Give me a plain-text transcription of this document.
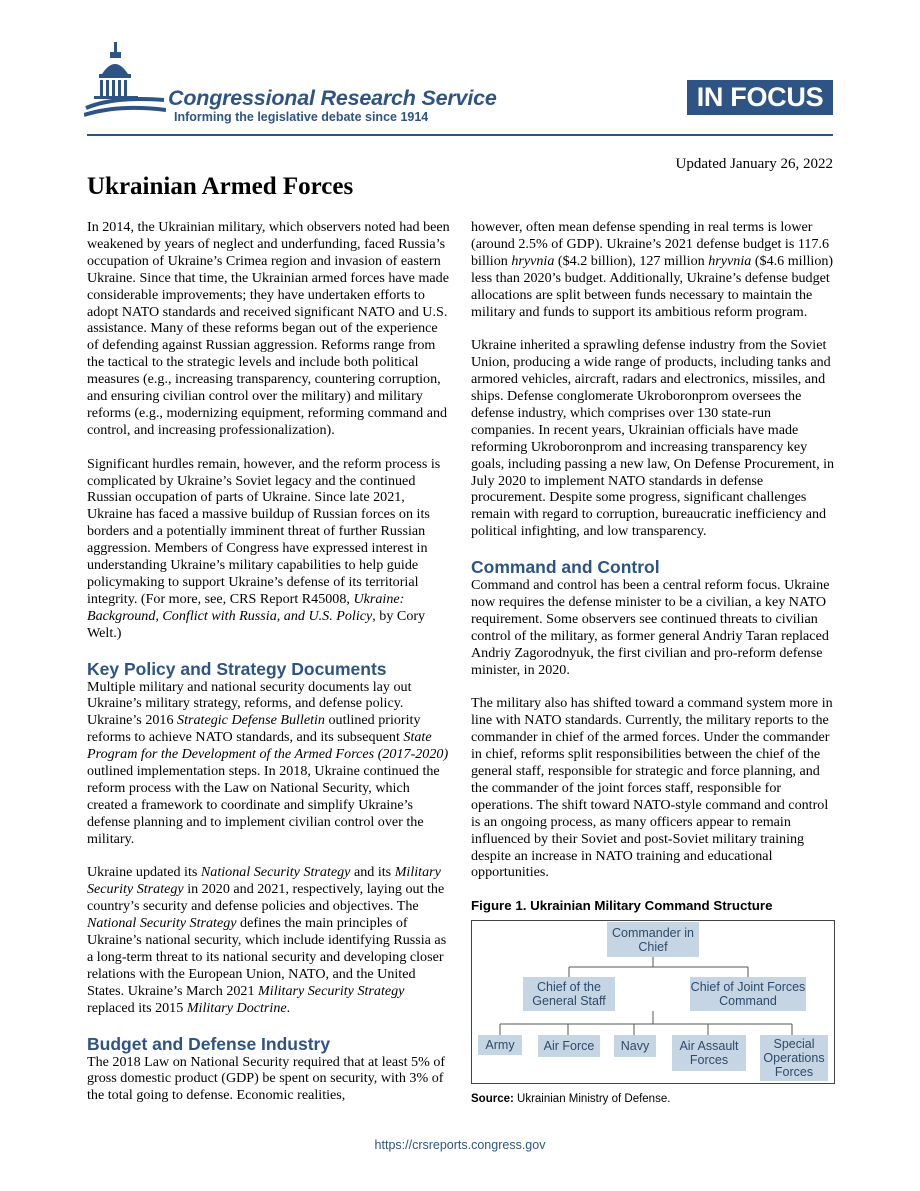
Congressional Research Service
Informing the legislative debate since 1914
IN FOCUS
Updated January 26, 2022
Ukrainian Armed Forces

In 2014, the Ukrainian military, which observers noted had been weakened by years of neglect and underfunding, faced Russia’s occupation of Ukraine’s Crimea region and invasion of eastern Ukraine. Since that time, the Ukrainian armed forces have made considerable improvements; they have undertaken efforts to adopt NATO standards and received significant NATO and U.S. assistance. Many of these reforms began out of the experience of defending against Russian aggression. Reforms range from the tactical to the strategic levels and include both political measures (e.g., increasing transparency, countering corruption, and ensuring civilian control over the military) and military reforms (e.g., modernizing equipment, reforming command and control, and increasing professionalization).

Significant hurdles remain, however, and the reform process is complicated by Ukraine’s Soviet legacy and the continued Russian occupation of parts of Ukraine. Since late 2021, Ukraine has faced a massive buildup of Russian forces on its borders and a potentially imminent threat of further Russian aggression. Members of Congress have expressed interest in understanding Ukraine’s military capabilities to help guide policymaking to support Ukraine’s defense of its territorial integrity. (For more, see, CRS Report R45008, Ukraine: Background, Conflict with Russia, and U.S. Policy, by Cory Welt.)

Key Policy and Strategy Documents

Multiple military and national security documents lay out Ukraine’s military strategy, reforms, and defense policy. Ukraine’s 2016 Strategic Defense Bulletin outlined priority reforms to achieve NATO standards, and its subsequent State Program for the Development of the Armed Forces (2017-2020) outlined implementation steps. In 2018, Ukraine continued the reform process with the Law on National Security, which created a framework to coordinate and simplify Ukraine’s defense planning and to implement civilian control over the military.

Ukraine updated its National Security Strategy and its Military Security Strategy in 2020 and 2021, respectively, laying out the country’s security and defense policies and objectives. The National Security Strategy defines the main principles of Ukraine’s national security, which include identifying Russia as a long-term threat to its national security and developing closer relations with the European Union, NATO, and the United States. Ukraine’s March 2021 Military Security Strategy replaced its 2015 Military Doctrine.

Budget and Defense Industry

The 2018 Law on National Security required that at least 5% of gross domestic product (GDP) be spent on security, with 3% of the total going to defense. Economic realities,

however, often mean defense spending in real terms is lower (around 2.5% of GDP). Ukraine’s 2021 defense budget is 117.6 billion hryvnia ($4.2 billion), 127 million hryvnia ($4.6 million) less than 2020’s budget. Additionally, Ukraine’s defense budget allocations are split between funds necessary to maintain the military and funds to support its ambitious reform program.

Ukraine inherited a sprawling defense industry from the Soviet Union, producing a wide range of products, including tanks and armored vehicles, aircraft, radars and electronics, missiles, and ships. Defense conglomerate Ukroboronprom oversees the defense industry, which comprises over 130 state-run companies. In recent years, Ukrainian officials have made reforming Ukroboronprom and increasing transparency key goals, including passing a new law, On Defense Procurement, in July 2020 to implement NATO standards in defense procurement. Despite some progress, significant challenges remain with regard to corruption, bureaucratic inefficiency and political infighting, and low transparency.

Command and Control

Command and control has been a central reform focus. Ukraine now requires the defense minister to be a civilian, a key NATO requirement. Some observers see continued threats to civilian control of the military, as former general Andriy Taran replaced Andriy Zagorodnyuk, the first civilian and pro-reform defense minister, in 2020.

The military also has shifted toward a command system more in line with NATO standards. Currently, the military reports to the commander in chief of the armed forces. Under the commander in chief, reforms split responsibilities between the chief of the general staff, responsible for strategic and force planning, and the commander of the joint forces staff, responsible for operations. The shift toward NATO-style command and control is an ongoing process, as many officers appear to remain influenced by their Soviet and post-Soviet military training despite an increase in NATO training and educational opportunities.

Figure 1. Ukrainian Military Command Structure
Commander in Chief
Chief of the General Staff
Chief of Joint Forces Command
Army	Air Force	Navy	Air Assault Forces
Special Operations Forces
Source: Ukrainian Ministry of Defense.
https://crsreports.congress.gov
